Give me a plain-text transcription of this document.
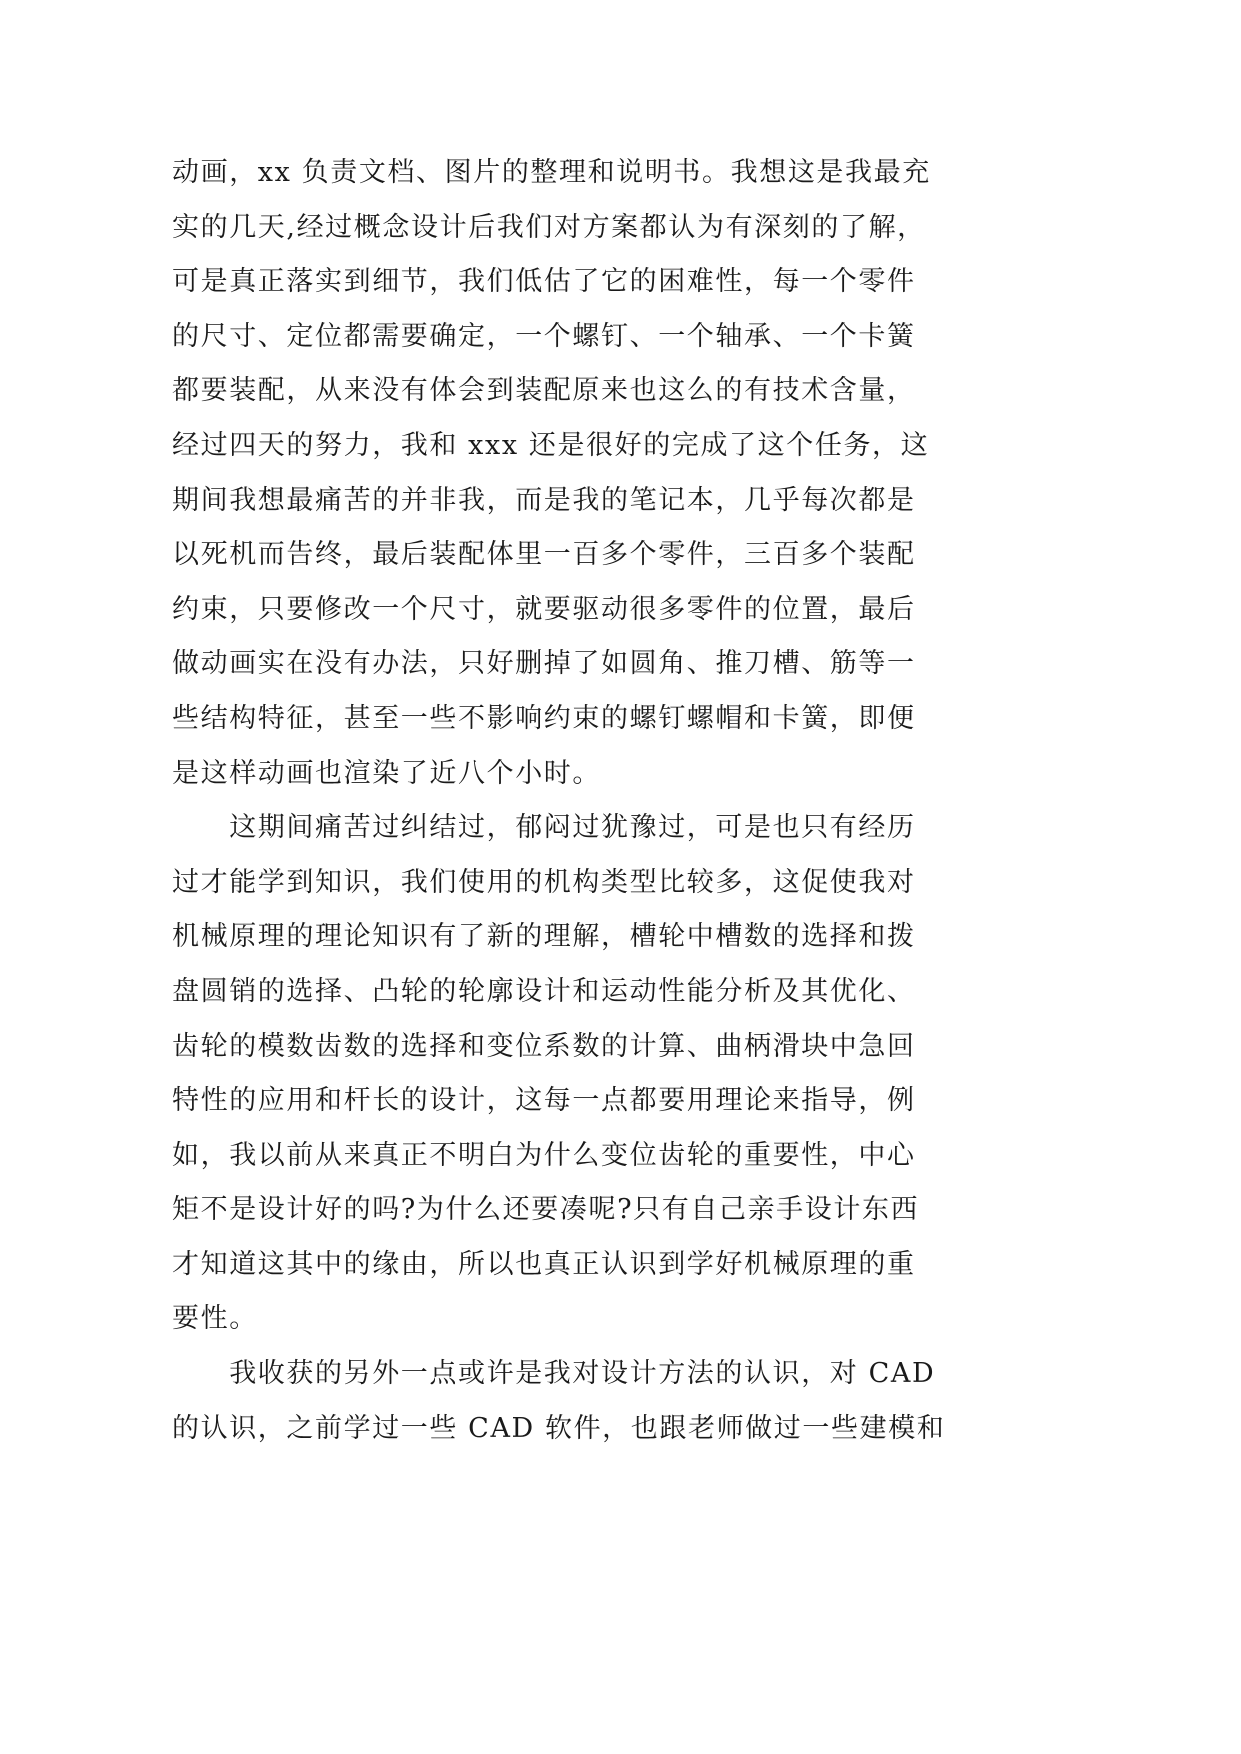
动画，xx 负责文档、图片的整理和说明书。我想这是我最充
实的几天,经过概念设计后我们对方案都认为有深刻的了解，
可是真正落实到细节，我们低估了它的困难性，每一个零件
的尺寸、定位都需要确定，一个螺钉、一个轴承、一个卡簧
都要装配，从来没有体会到装配原来也这么的有技术含量，
经过四天的努力，我和 xxx 还是很好的完成了这个任务，这
期间我想最痛苦的并非我，而是我的笔记本，几乎每次都是
以死机而告终，最后装配体里一百多个零件，三百多个装配
约束，只要修改一个尺寸，就要驱动很多零件的位置，最后
做动画实在没有办法，只好删掉了如圆角、推刀槽、筋等一
些结构特征，甚至一些不影响约束的螺钉螺帽和卡簧，即便
是这样动画也渲染了近八个小时。
　　这期间痛苦过纠结过，郁闷过犹豫过，可是也只有经历
过才能学到知识，我们使用的机构类型比较多，这促使我对
机械原理的理论知识有了新的理解，槽轮中槽数的选择和拨
盘圆销的选择、凸轮的轮廓设计和运动性能分析及其优化、
齿轮的模数齿数的选择和变位系数的计算、曲柄滑块中急回
特性的应用和杆长的设计，这每一点都要用理论来指导，例
如，我以前从来真正不明白为什么变位齿轮的重要性，中心
矩不是设计好的吗?为什么还要凑呢?只有自己亲手设计东西
才知道这其中的缘由，所以也真正认识到学好机械原理的重
要性。
　　我收获的另外一点或许是我对设计方法的认识，对 CAD
的认识，之前学过一些 CAD 软件，也跟老师做过一些建模和
